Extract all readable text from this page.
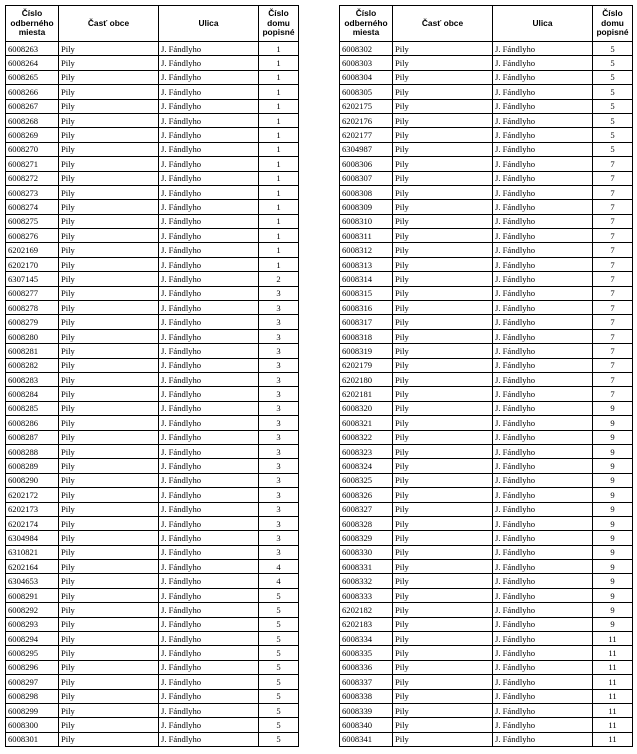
Číslo
odberného
miesta	Časť obce	Ulica	Číslo
domu
popisné
6008263	Pily	J. Fándlyho	1
6008264	Pily	J. Fándlyho	1
6008265	Pily	J. Fándlyho	1
6008266	Pily	J. Fándlyho	1
6008267	Pily	J. Fándlyho	1
6008268	Pily	J. Fándlyho	1
6008269	Pily	J. Fándlyho	1
6008270	Pily	J. Fándlyho	1
6008271	Pily	J. Fándlyho	1
6008272	Pily	J. Fándlyho	1
6008273	Pily	J. Fándlyho	1
6008274	Pily	J. Fándlyho	1
6008275	Pily	J. Fándlyho	1
6008276	Pily	J. Fándlyho	1
6202169	Pily	J. Fándlyho	1
6202170	Pily	J. Fándlyho	1
6307145	Pily	J. Fándlyho	2
6008277	Pily	J. Fándlyho	3
6008278	Pily	J. Fándlyho	3
6008279	Pily	J. Fándlyho	3
6008280	Pily	J. Fándlyho	3
6008281	Pily	J. Fándlyho	3
6008282	Pily	J. Fándlyho	3
6008283	Pily	J. Fándlyho	3
6008284	Pily	J. Fándlyho	3
6008285	Pily	J. Fándlyho	3
6008286	Pily	J. Fándlyho	3
6008287	Pily	J. Fándlyho	3
6008288	Pily	J. Fándlyho	3
6008289	Pily	J. Fándlyho	3
6008290	Pily	J. Fándlyho	3
6202172	Pily	J. Fándlyho	3
6202173	Pily	J. Fándlyho	3
6202174	Pily	J. Fándlyho	3
6304984	Pily	J. Fándlyho	3
6310821	Pily	J. Fándlyho	3
6202164	Pily	J. Fándlyho	4
6304653	Pily	J. Fándlyho	4
6008291	Pily	J. Fándlyho	5
6008292	Pily	J. Fándlyho	5
6008293	Pily	J. Fándlyho	5
6008294	Pily	J. Fándlyho	5
6008295	Pily	J. Fándlyho	5
6008296	Pily	J. Fándlyho	5
6008297	Pily	J. Fándlyho	5
6008298	Pily	J. Fándlyho	5
6008299	Pily	J. Fándlyho	5
6008300	Pily	J. Fándlyho	5
6008301	Pily	J. Fándlyho	5
Číslo
odberného
miesta	Časť obce	Ulica	Číslo
domu
popisné
6008302	Pily	J. Fándlyho	5
6008303	Pily	J. Fándlyho	5
6008304	Pily	J. Fándlyho	5
6008305	Pily	J. Fándlyho	5
6202175	Pily	J. Fándlyho	5
6202176	Pily	J. Fándlyho	5
6202177	Pily	J. Fándlyho	5
6304987	Pily	J. Fándlyho	5
6008306	Pily	J. Fándlyho	7
6008307	Pily	J. Fándlyho	7
6008308	Pily	J. Fándlyho	7
6008309	Pily	J. Fándlyho	7
6008310	Pily	J. Fándlyho	7
6008311	Pily	J. Fándlyho	7
6008312	Pily	J. Fándlyho	7
6008313	Pily	J. Fándlyho	7
6008314	Pily	J. Fándlyho	7
6008315	Pily	J. Fándlyho	7
6008316	Pily	J. Fándlyho	7
6008317	Pily	J. Fándlyho	7
6008318	Pily	J. Fándlyho	7
6008319	Pily	J. Fándlyho	7
6202179	Pily	J. Fándlyho	7
6202180	Pily	J. Fándlyho	7
6202181	Pily	J. Fándlyho	7
6008320	Pily	J. Fándlyho	9
6008321	Pily	J. Fándlyho	9
6008322	Pily	J. Fándlyho	9
6008323	Pily	J. Fándlyho	9
6008324	Pily	J. Fándlyho	9
6008325	Pily	J. Fándlyho	9
6008326	Pily	J. Fándlyho	9
6008327	Pily	J. Fándlyho	9
6008328	Pily	J. Fándlyho	9
6008329	Pily	J. Fándlyho	9
6008330	Pily	J. Fándlyho	9
6008331	Pily	J. Fándlyho	9
6008332	Pily	J. Fándlyho	9
6008333	Pily	J. Fándlyho	9
6202182	Pily	J. Fándlyho	9
6202183	Pily	J. Fándlyho	9
6008334	Pily	J. Fándlyho	11
6008335	Pily	J. Fándlyho	11
6008336	Pily	J. Fándlyho	11
6008337	Pily	J. Fándlyho	11
6008338	Pily	J. Fándlyho	11
6008339	Pily	J. Fándlyho	11
6008340	Pily	J. Fándlyho	11
6008341	Pily	J. Fándlyho	11
